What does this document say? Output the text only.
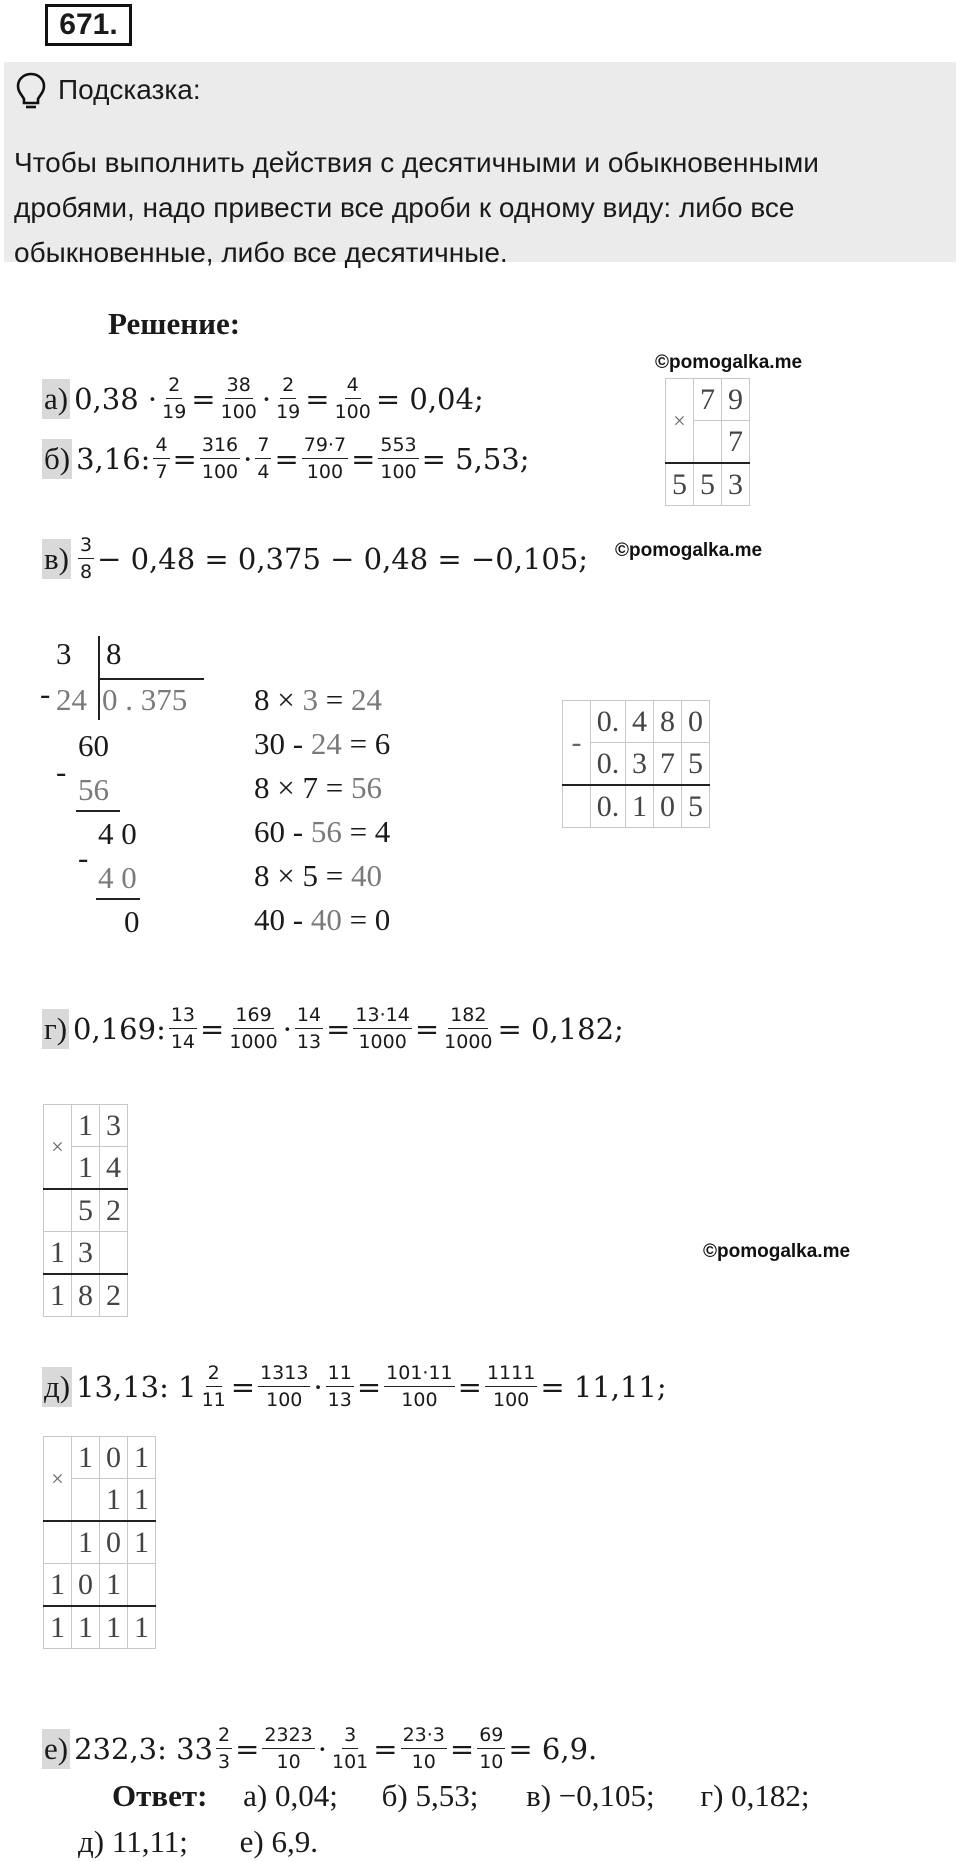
671.
Подсказка:
Чтобы выполнить действия с десятичными и обыкновенными дробями, надо привести все дроби к одному виду: либо все обыкновенные, либо все десятичные.
Решение:
©pomogalka.me
©pomogalka.me
©pomogalka.me
а) $0,38 \cdot \frac{2}{19} = \frac{38}{100} \cdot \frac{2}{19} = \frac{4}{100} = 0,04$;
б) 3,16: $\frac{4}{7} = \frac{316}{100} \cdot \frac{7}{4} = \frac{79\cdot 7}{100} = \frac{553}{100} = 5,53$;
×	7	9
		7
5	5	3
$в) \frac{3}{8} - 0,48 = 0,375 - 0,48 = -0,105$;
3 8
- 24 0 . 375
60
-
56
4 0
-
4 0
0
8 × 3 = 24
30 - 24 = 6
8 × 7 = 56
60 - 56 = 4
8 × 5 = 40
40 - 40 = 0
-	0.	4	8	0
	0.	3	7	5
	0.	1	0	5
г) 0,169: $\frac{13}{14} = \frac{169}{1000} \cdot \frac{14}{13} = \frac{13\cdot 14}{1000} = \frac{182}{1000} = 0,182$;
×	1	3
	1	4
	5	2
1	3	
1	8	2
д) 13,13: $1 \frac{2}{11} = \frac{1313}{100} \cdot \frac{11}{13} = \frac{101\cdot 11}{100} = \frac{1111}{100} = 11,11$;
×	1	0	1
		1	1
	1	0	1
1	0	1	
1	1	1	1
е) 232,3: $33 \frac{2}{3} = \frac{2323}{10} \cdot \frac{3}{101} = \frac{23\cdot 3}{10} = \frac{69}{10} = 6,9$.
Ответ: а) 0,04; б) 5,53; в) −0,105; г) 0,182;
д) 11,11; е) 6,9.
